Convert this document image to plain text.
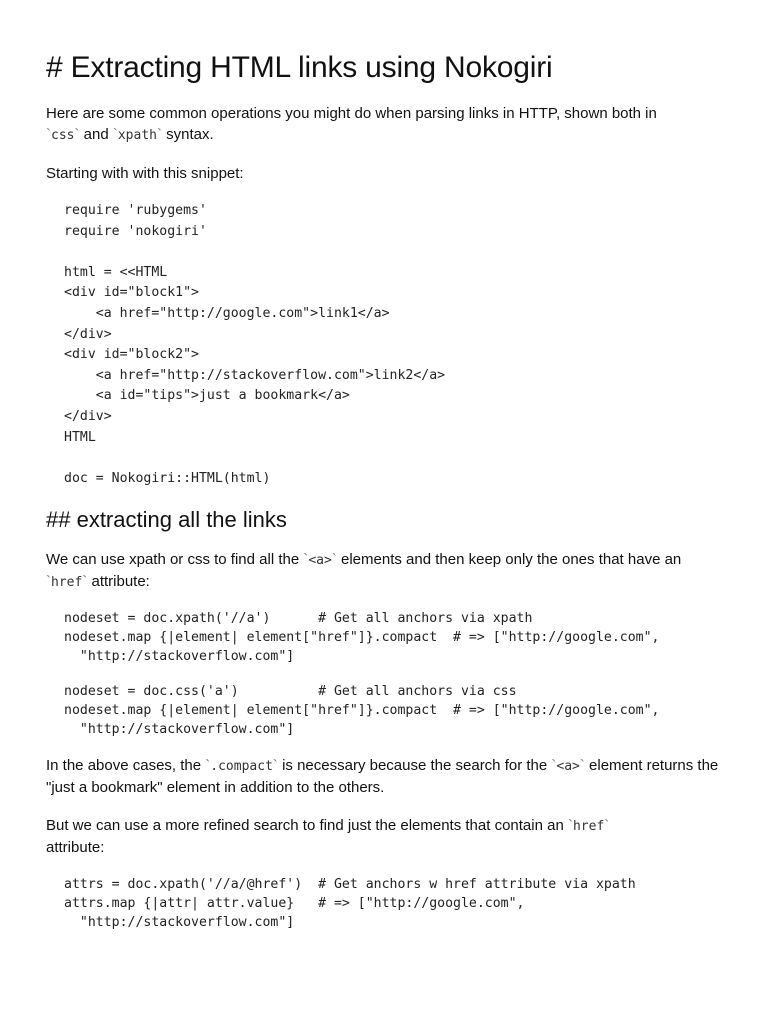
# Extracting HTML links using Nokogiri

Here are some common operations you might do when parsing links in HTTP, shown both in
`css` and `xpath` syntax.

Starting with with this snippet:

require 'rubygems'
require 'nokogiri'

html = <<HTML
<div id="block1">
<a href="http://google.com">link1</a>
</div>
<div id="block2">
<a href="http://stackoverflow.com">link2</a>
<a id="tips">just a bookmark</a>
</div>
HTML

doc = Nokogiri::HTML(html)
## extracting all the links

We can use xpath or css to find all the `<a>` elements and then keep only the ones that have an `href` attribute:

nodeset = doc.xpath('//a')      # Get all anchors via xpath
nodeset.map {|element| element["href"]}.compact  # => ["http://google.com",
"http://stackoverflow.com"]
nodeset = doc.css('a')          # Get all anchors via css
nodeset.map {|element| element["href"]}.compact  # => ["http://google.com",
"http://stackoverflow.com"]

In the above cases, the `.compact` is necessary because the search for the `<a>` element returns the "just a bookmark" element in addition to the others.

But we can use a more refined search to find just the elements that contain an `href`
attribute:

attrs = doc.xpath('//a/@href')  # Get anchors w href attribute via xpath
attrs.map {|attr| attr.value}   # => ["http://google.com",
"http://stackoverflow.com"]
